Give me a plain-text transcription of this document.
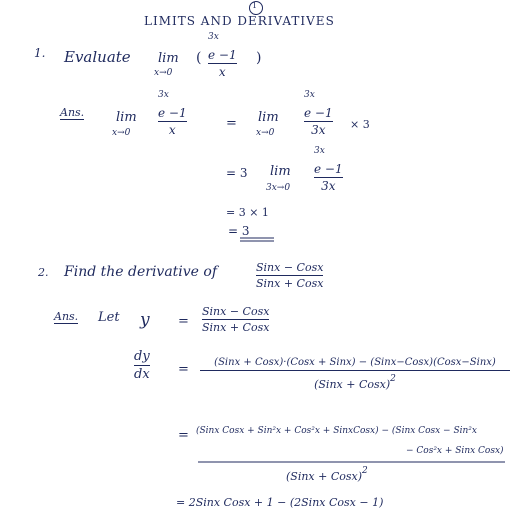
1
LIMITS AND DERIVATIVES
1. Evaluate lim
x→0
(
$^{3x}$
e −1
x
)
Ans. lim
x→0
$^{3x}$
e −1
x	= lim
x→0
$^{3x}$
e −1
3x × 3
= 3 lim
3x→0
$^{3x}$
e −1
3x
= 3 × 1
= 3
2. Find the derivative of	Sinx − Cosx
Sinx + Cosx
Ans. Let y =
Sinx − Cosx
Sinx + Cosx
dy
dx =	(Sinx + Cosx)·(Cosx + Sinx) − (Sinx−Cosx)(Cosx−Sinx)
(Sinx + Cosx)$^2$
= (Sinx Cosx + Sin²x + Cos²x + SinxCosx) − (Sinx Cosx − Sin²x
− Cos²x + Sinx Cosx)
(Sinx + Cosx)$^2$
= 2Sinx Cosx + 1 − (2Sinx Cosx − 1)
